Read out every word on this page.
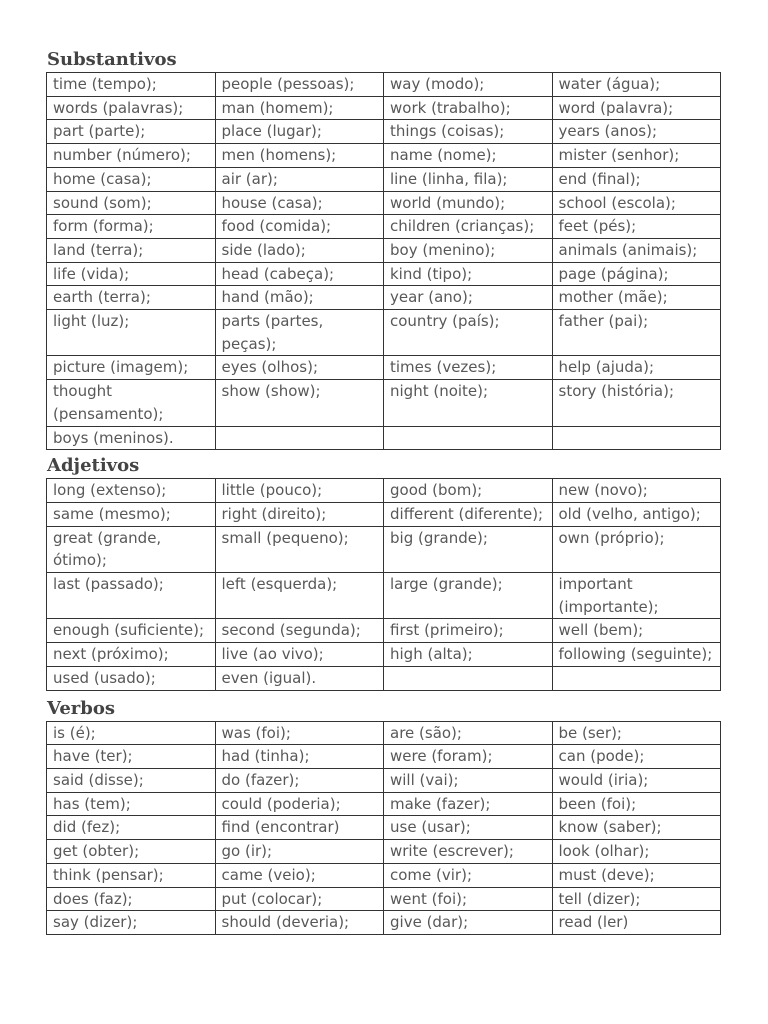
Substantivos
time (tempo);	people (pessoas);	way (modo);	water (água);
words (palavras);	man (homem);	work (trabalho);	word (palavra);
part (parte);	place (lugar);	things (coisas);	years (anos);
number (número);	men (homens);	name (nome);	mister (senhor);
home (casa);	air (ar);	line (linha, fila);	end (final);
sound (som);	house (casa);	world (mundo);	school (escola);
form (forma);	food (comida);	children (crianças);	feet (pés);
land (terra);	side (lado);	boy (menino);	animals (animais);
life (vida);	head (cabeça);	kind (tipo);	page (página);
earth (terra);	hand (mão);	year (ano);	mother (mãe);
light (luz);	parts (partes, peças);	country (país);	father (pai);
picture (imagem);	eyes (olhos);	times (vezes);	help (ajuda);
thought (pensamento);	show (show);	night (noite);	story (história);
boys (meninos).			
Adjetivos
long (extenso);	little (pouco);	good (bom);	new (novo);
same (mesmo);	right (direito);	different (diferente);	old (velho, antigo);
great (grande, ótimo);	small (pequeno);	big (grande);	own (próprio);
last (passado);	left (esquerda);	large (grande);	important (importante);
enough (suficiente);	second (segunda);	first (primeiro);	well (bem);
next (próximo);	live (ao vivo);	high (alta);	following (seguinte);
used (usado);	even (igual).		
Verbos
is (é);	was (foi);	are (são);	be (ser);
have (ter);	had (tinha);	were (foram);	can (pode);
said (disse);	do (fazer);	will (vai);	would (iria);
has (tem);	could (poderia);	make (fazer);	been (foi);
did (fez);	find (encontrar)	use (usar);	know (saber);
get (obter);	go (ir);	write (escrever);	look (olhar);
think (pensar);	came (veio);	come (vir);	must (deve);
does (faz);	put (colocar);	went (foi);	tell (dizer);
say (dizer);	should (deveria);	give (dar);	read (ler)
